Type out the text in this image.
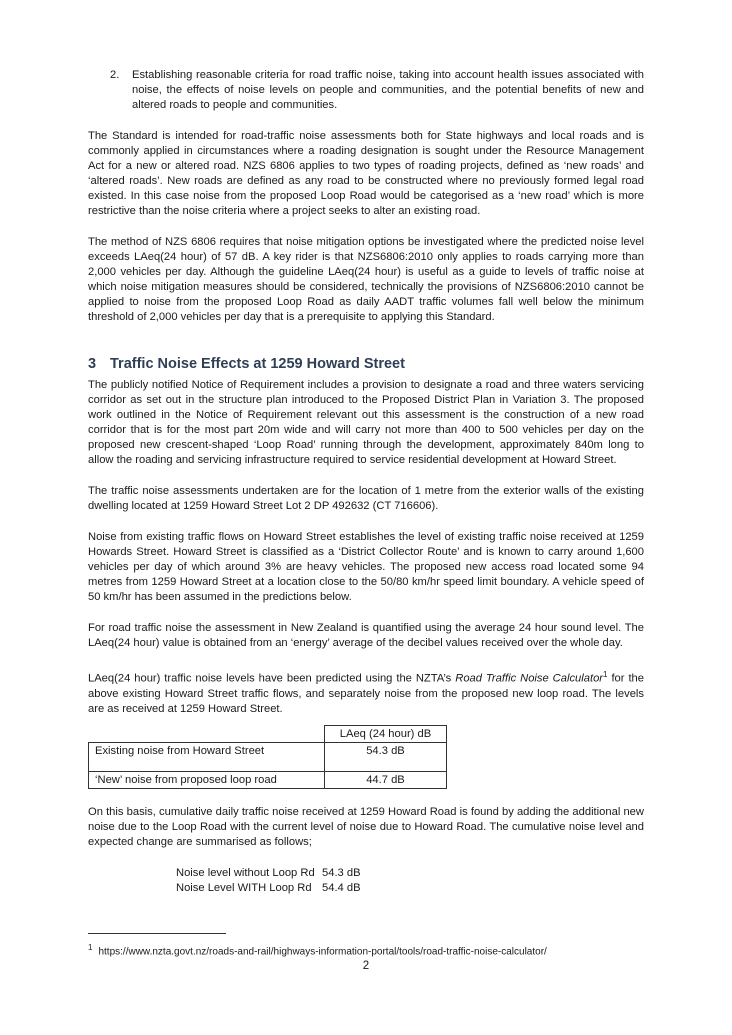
2.	Establishing reasonable criteria for road traffic noise, taking into account health issues associated with noise, the effects of noise levels on people and communities, and the potential benefits of new and altered roads to people and communities.

The Standard is intended for road-traffic noise assessments both for State highways and local roads and is commonly applied in circumstances where a roading designation is sought under the Resource Management Act for a new or altered road. NZS 6806 applies to two types of roading projects, defined as ‘new roads’ and ‘altered roads’. New roads are defined as any road to be constructed where no previously formed legal road existed. In this case noise from the proposed Loop Road would be categorised as a ‘new road’ which is more restrictive than the noise criteria where a project seeks to alter an existing road.

The method of NZS 6806 requires that noise mitigation options be investigated where the predicted noise level exceeds LAeq(24 hour) of 57 dB. A key rider is that NZS6806:2010 only applies to roads carrying more than 2,000 vehicles per day. Although the guideline LAeq(24 hour) is useful as a guide to levels of traffic noise at which noise mitigation measures should be considered, technically the provisions of NZS6806:2010 cannot be applied to noise from the proposed Loop Road as daily AADT traffic volumes fall well below the minimum threshold of 2,000 vehicles per day that is a prerequisite to applying this Standard.

3 Traffic Noise Effects at 1259 Howard Street

The publicly notified Notice of Requirement includes a provision to designate a road and three waters servicing corridor as set out in the structure plan introduced to the Proposed District Plan in Variation 3. The proposed work outlined in the Notice of Requirement relevant out this assessment is the construction of a new road corridor that is for the most part 20m wide and will carry not more than 400 to 500 vehicles per day on the proposed new crescent-shaped ‘Loop Road’ running through the development, approximately 840m long to allow the roading and servicing infrastructure required to service residential development at Howard Street.

The traffic noise assessments undertaken are for the location of 1 metre from the exterior walls of the existing dwelling located at 1259 Howard Street Lot 2 DP 492632 (CT 716606).

Noise from existing traffic flows on Howard Street establishes the level of existing traffic noise received at 1259 Howards Street. Howard Street is classified as a ‘District Collector Route’ and is known to carry around 1,600 vehicles per day of which around 3% are heavy vehicles. The proposed new access road located some 94 metres from 1259 Howard Street at a location close to the 50/80 km/hr speed limit boundary. A vehicle speed of 50 km/hr has been assumed in the predictions below.

For road traffic noise the assessment in New Zealand is quantified using the average 24 hour sound level. The LAeq(24 hour) value is obtained from an ‘energy’ average of the decibel values received over the whole day.

LAeq(24 hour) traffic noise levels have been predicted using the NZTA’s Road Traffic Noise Calculator$^1$ for the above existing Howard Street traffic flows, and separately noise from the proposed new loop road. The levels are as received at 1259 Howard Street.

	LAeq (24 hour) dB
Existing noise from Howard Street	54.3 dB

‘New’ noise from proposed loop road	44.7 dB

On this basis, cumulative daily traffic noise received at 1259 Howard Road is found by adding the additional new noise due to the Loop Road with the current level of noise due to Howard Road. The cumulative noise level and expected change are summarised as follows;

Noise level without Loop Rd 54.3 dB
Noise Level WITH Loop Rd 54.4 dB
$^1$ https://www.nzta.govt.nz/roads-and-rail/highways-information-portal/tools/road-traffic-noise-calculator/
2
